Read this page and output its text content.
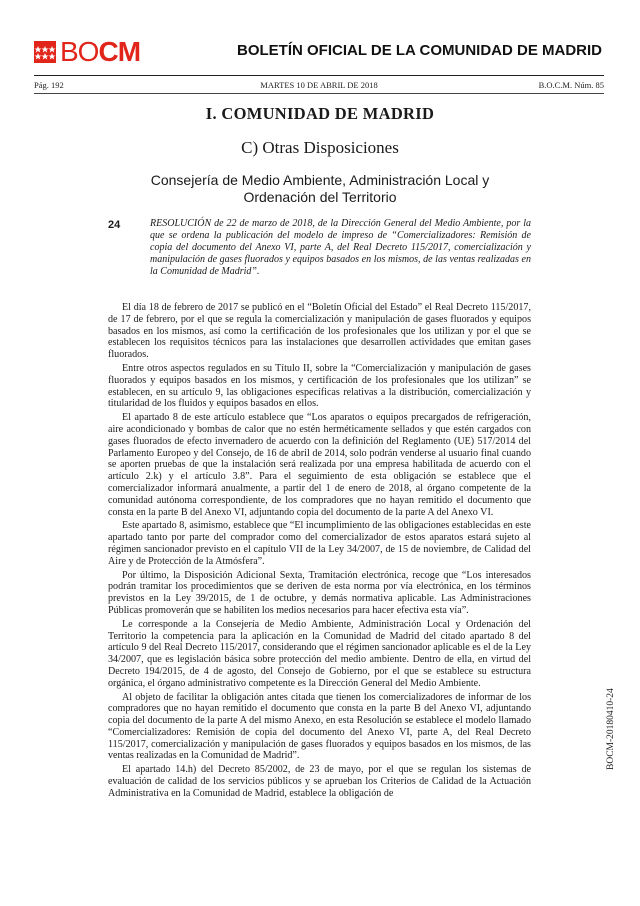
BOCM	BOLETÍN OFICIAL DE LA COMUNIDAD DE MADRID
Pág. 192	MARTES 10 DE ABRIL DE 2018	B.O.C.M. Núm. 85
I. COMUNIDAD DE MADRID
C) Otras Disposiciones
Consejería de Medio Ambiente, Administración Local y Ordenación del Territorio
24	RESOLUCIÓN de 22 de marzo de 2018, de la Dirección General del Medio Ambiente, por la que se ordena la publicación del modelo de impreso de “Comercializadores: Remisión de copia del documento del Anexo VI, parte A, del Real Decreto 115/2017, comercialización y manipulación de gases fluorados y equipos basados en los mismos, de las ventas realizadas en la Comunidad de Madrid”.

El día 18 de febrero de 2017 se publicó en el “Boletín Oficial del Estado” el Real Decreto 115/2017, de 17 de febrero, por el que se regula la comercialización y manipulación de gases fluorados y equipos basados en los mismos, así como la certificación de los profesionales que los utilizan y por el que se establecen los requisitos técnicos para las instalaciones que desarrollen actividades que emitan gases fluorados.

Entre otros aspectos regulados en su Título II, sobre la “Comercialización y manipulación de gases fluorados y equipos basados en los mismos, y certificación de los profesionales que los utilizan” se establecen, en su artículo 9, las obligaciones específicas relativas a la distribución, comercialización y titularidad de los fluidos y equipos basados en ellos.

El apartado 8 de este artículo establece que “Los aparatos o equipos precargados de refrigeración, aire acondicionado y bombas de calor que no estén herméticamente sellados y que estén cargados con gases fluorados de efecto invernadero de acuerdo con la definición del Reglamento (UE) 517/2014 del Parlamento Europeo y del Consejo, de 16 de abril de 2014, solo podrán venderse al usuario final cuando se aporten pruebas de que la instalación será realizada por una empresa habilitada de acuerdo con el artículo 2.k) y el artículo 3.8”. Para el seguimiento de esta obligación se establece que el comercializador informará anualmente, a partir del 1 de enero de 2018, al órgano competente de la comunidad autónoma correspondiente, de los compradores que no hayan remitido el documento que consta en la parte B del Anexo VI, adjuntando copia del documento de la parte A del Anexo VI.

Este apartado 8, asimismo, establece que “El incumplimiento de las obligaciones establecidas en este apartado tanto por parte del comprador como del comercializador de estos aparatos estará sujeto al régimen sancionador previsto en el capítulo VII de la Ley 34/2007, de 15 de noviembre, de Calidad del Aire y de Protección de la Atmósfera”.

Por último, la Disposición Adicional Sexta, Tramitación electrónica, recoge que “Los interesados podrán tramitar los procedimientos que se deriven de esta norma por vía electrónica, en los términos previstos en la Ley 39/2015, de 1 de octubre, y demás normativa aplicable. Las Administraciones Públicas promoverán que se habiliten los medios necesarios para hacer efectiva esta vía”.

Le corresponde a la Consejería de Medio Ambiente, Administración Local y Ordenación del Territorio la competencia para la aplicación en la Comunidad de Madrid del citado apartado 8 del artículo 9 del Real Decreto 115/2017, considerando que el régimen sancionador aplicable es el de la Ley 34/2007, que es legislación básica sobre protección del medio ambiente. Dentro de ella, en virtud del Decreto 194/2015, de 4 de agosto, del Consejo de Gobierno, por el que se establece su estructura orgánica, el órgano administrativo competente es la Dirección General del Medio Ambiente.

Al objeto de facilitar la obligación antes citada que tienen los comercializadores de informar de los compradores que no hayan remitido el documento que consta en la parte B del Anexo VI, adjuntando copia del documento de la parte A del mismo Anexo, en esta Resolución se establece el modelo llamado “Comercializadores: Remisión de copia del documento del Anexo VI, parte A, del Real Decreto 115/2017, comercialización y manipulación de gases fluorados y equipos basados en los mismos, de las ventas realizadas en la Comunidad de Madrid”.

El apartado 14.h) del Decreto 85/2002, de 23 de mayo, por el que se regulan los sistemas de evaluación de calidad de los servicios públicos y se aprueban los Criterios de Calidad de la Actuación Administrativa en la Comunidad de Madrid, establece la obligación de

BOCM-20180410-24
